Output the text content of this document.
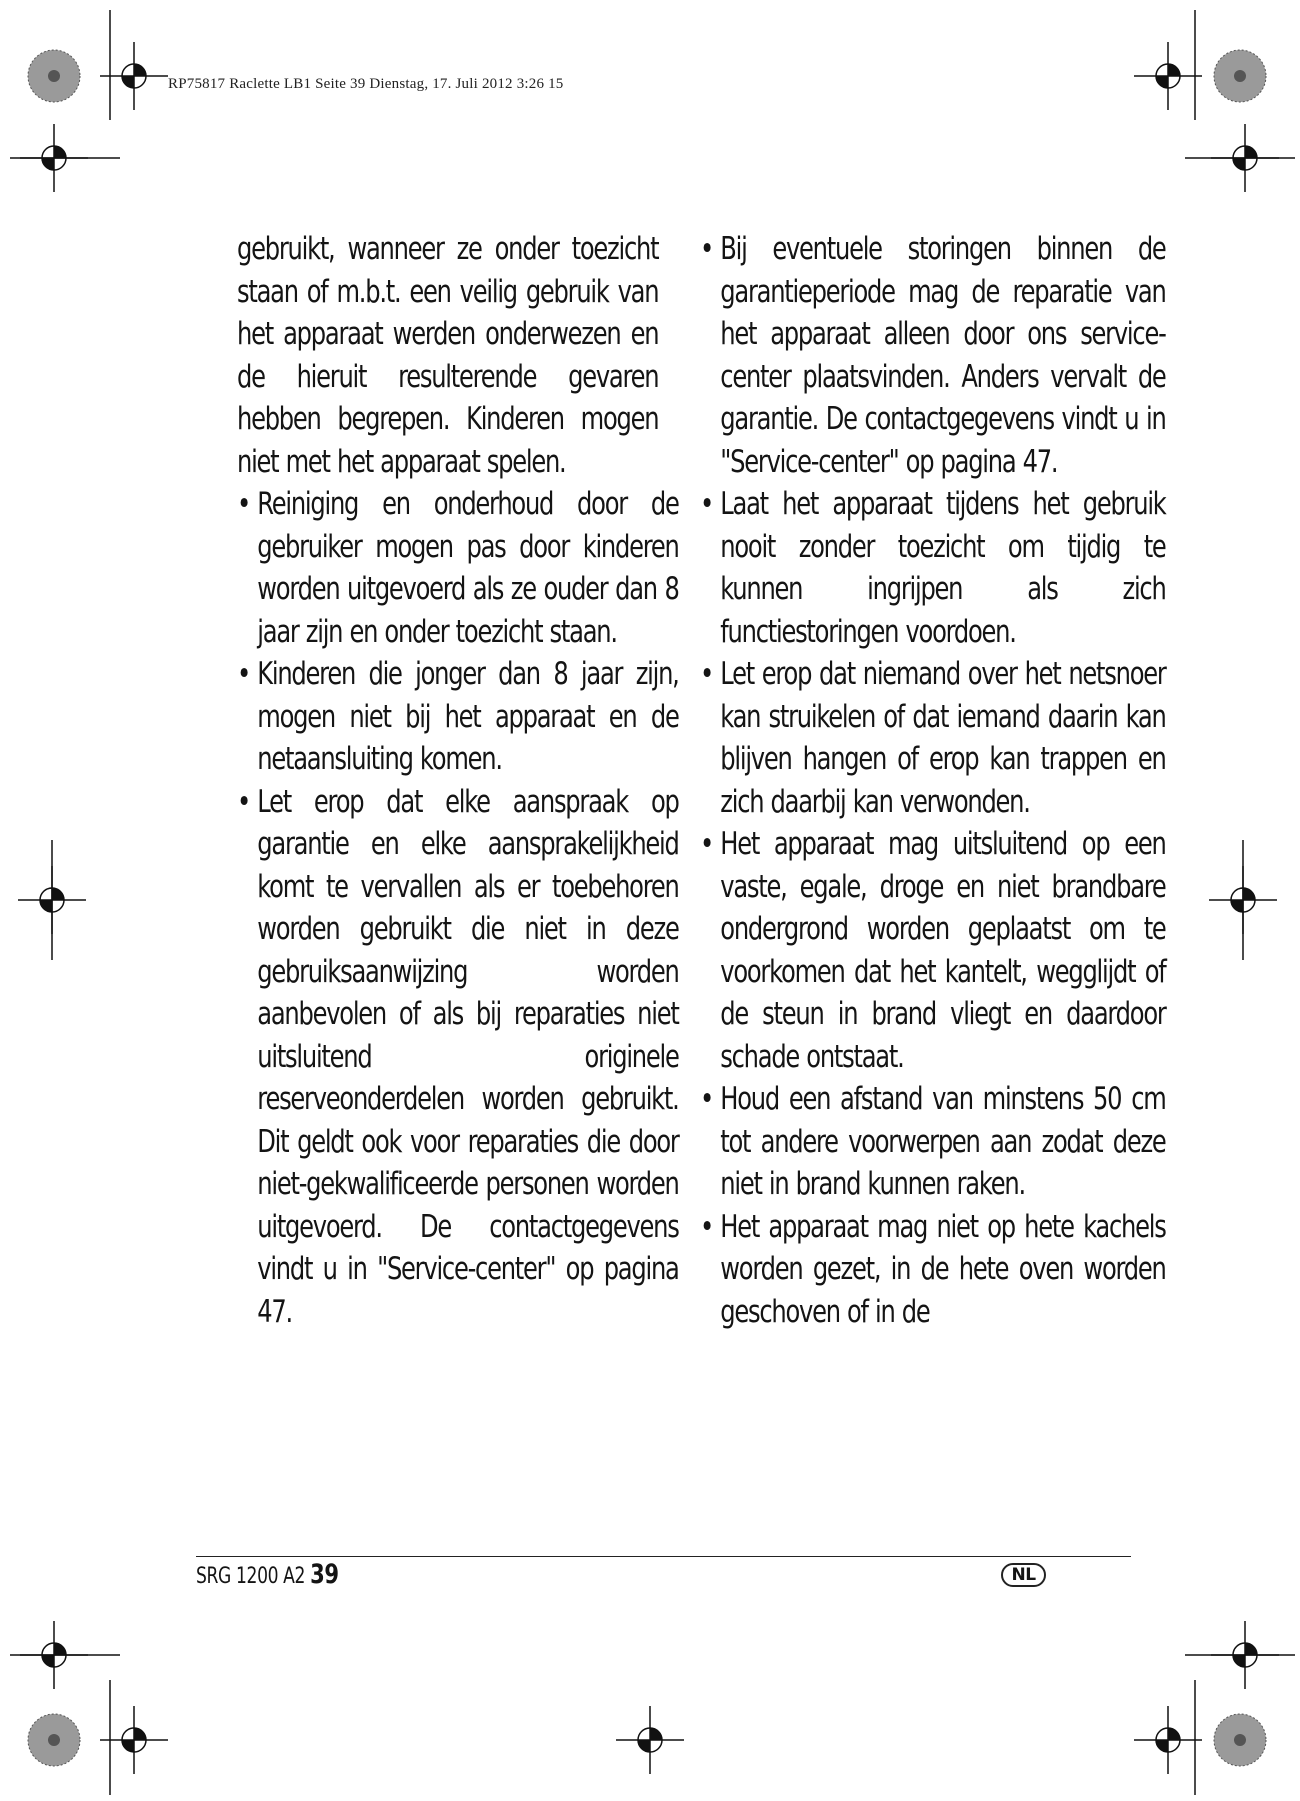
RP75817 Raclette LB1 Seite 39 Dienstag, 17. Juli 2012 3:26 15

gebruikt, wanneer ze onder toezicht staan of m.b.t. een veilig gebruik van het apparaat werden onderwezen en de hieruit resulterende gevaren hebben begrepen. Kinderen mogen niet met het apparaat spelen.

• Reiniging en onderhoud door de gebruiker mogen pas door kinderen worden uitgevoerd als ze ouder dan 8 jaar zijn en onder toezicht staan.

• Kinderen die jonger dan 8 jaar zijn, mogen niet bij het apparaat en de netaansluiting komen.

• Let erop dat elke aanspraak op garantie en elke aansprakelijkheid komt te vervallen als er toebehoren worden gebruikt die niet in deze gebruiksaanwijzing worden aanbevolen of als bij reparaties niet uitsluitend originele reserveonderdelen worden gebruikt. Dit geldt ook voor reparaties die door niet-gekwalificeerde personen worden uitgevoerd. De contactgegevens vindt u in "Service-center" op pagina 47.

• Bij eventuele storingen binnen de garantieperiode mag de reparatie van het apparaat alleen door ons service-center plaatsvinden. Anders vervalt de garantie. De contactgegevens vindt u in "Service-center" op pagina 47.

• Laat het apparaat tijdens het gebruik nooit zonder toezicht om tijdig te kunnen ingrijpen als zich functiestoringen voordoen.

• Let erop dat niemand over het netsnoer kan struikelen of dat iemand daarin kan blijven hangen of erop kan trappen en zich daarbij kan verwonden.

• Het apparaat mag uitsluitend op een vaste, egale, droge en niet brandbare ondergrond worden geplaatst om te voorkomen dat het kantelt, wegglijdt of de steun in brand vliegt en daardoor schade ontstaat.

• Houd een afstand van minstens 50 cm tot andere voorwerpen aan zodat deze niet in brand kunnen raken.

• Het apparaat mag niet op hete kachels worden gezet, in de hete oven worden geschoven of in de

SRG 1200 A2 39	NL
